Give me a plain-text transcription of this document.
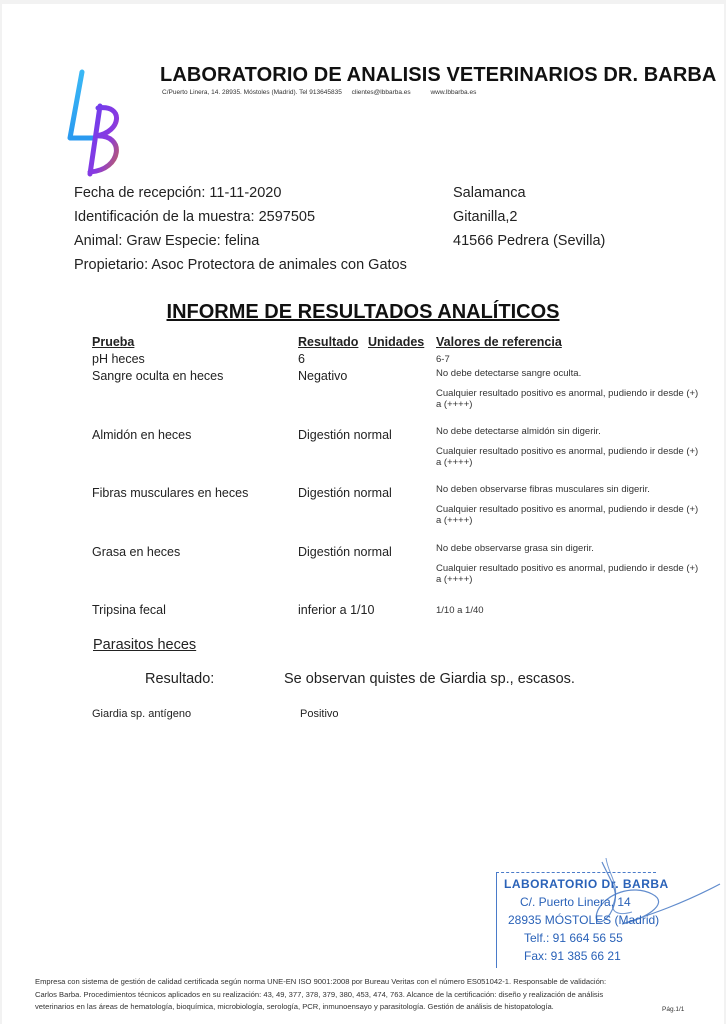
LABORATORIO DE ANALISIS VETERINARIOS DR. BARBA
C/Puerto Linera, 14. 28935. Móstoles (Madrid). Tel 913645835 clientes@lbbarba.es	www.lbbarba.es
Fecha de recepción: 11-11-2020
Identificación de la muestra: 2597505
Animal: Graw Especie: felina
Propietario: Asoc Protectora de animales con Gatos
Salamanca
Gitanilla,2
41566 Pedrera (Sevilla)
INFORME DE RESULTADOS ANALÍTICOS
Prueba	Resultado Unidades Valores de referencia
pH heces	6	6-7
Sangre oculta en heces	Negativo	No debe detectarse sangre oculta.
Cualquier resultado positivo es anormal, pudiendo ir desde (+) a (++++)
Almidón en heces	Digestión normal	No debe detectarse almidón sin digerir.
Cualquier resultado positivo es anormal, pudiendo ir desde (+) a (++++)
Fibras musculares en heces	Digestión normal	No deben observarse fibras musculares sin digerir.
Cualquier resultado positivo es anormal, pudiendo ir desde (+) a (++++)
Grasa en heces	Digestión normal	No debe observarse grasa sin digerir.
Cualquier resultado positivo es anormal, pudiendo ir desde (+) a (++++)
Tripsina fecal	inferior a 1/10	1/10 a 1/40
Parasitos heces
Resultado:	Se observan quistes de Giardia sp., escasos.
Giardia sp. antígeno	Positivo
LABORATORIO Dr. BARBA
C/. Puerto Linera, 14
28935 MÓSTOLES (Madrid)
Telf.: 91 664 56 55
Fax: 91 385 66 21
Empresa con sistema de gestión de calidad certificada según norma UNE-EN ISO 9001:2008 por Bureau Veritas con el número ES051042-1. Responsable de validación:
Carlos Barba. Procedimientos técnicos aplicados en su realización: 43, 49, 377, 378, 379, 380, 453, 474, 763. Alcance de la certificación: diseño y realización de análisis
veterinarios en las áreas de hematología, bioquímica, microbiología, serología, PCR, inmunoensayo y parasitología. Gestión de análisis de histopatología.	Pág.1/1
